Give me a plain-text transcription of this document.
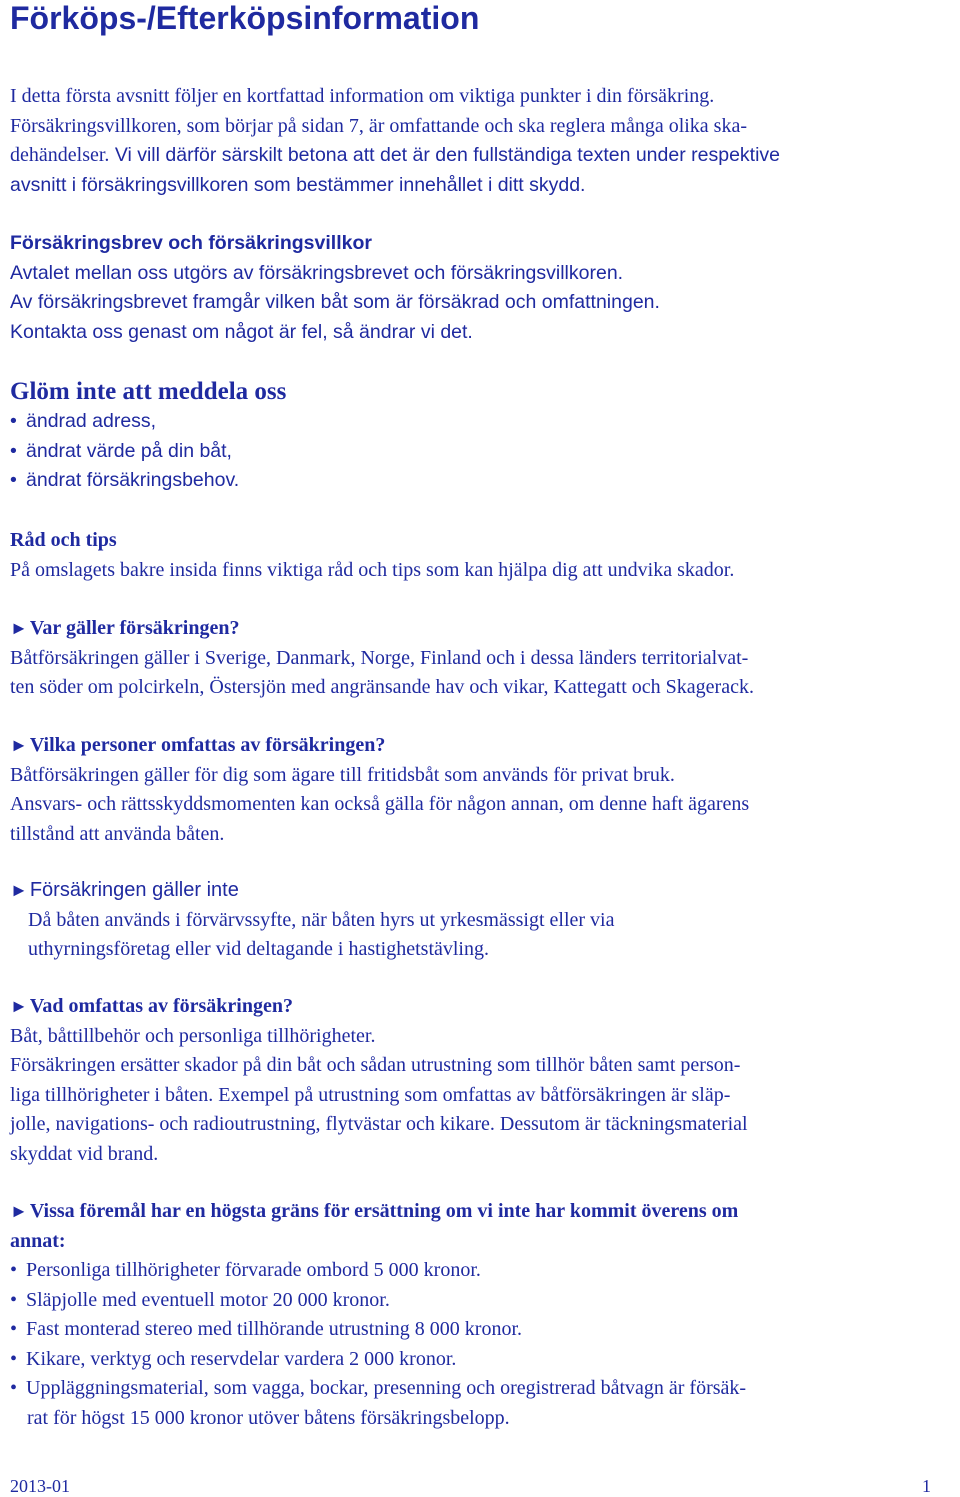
Förköps-/Efterköpsinformation
I detta första avsnitt följer en kortfattad information om viktiga punkter i din försäkring.
Försäkringsvillkoren, som börjar på sidan 7, är omfattande och ska reglera många olika ska-
dehändelser. Vi vill därför särskilt betona att det är den fullständiga texten under respektive
avsnitt i försäkringsvillkoren som bestämmer innehållet i ditt skydd.
Försäkringsbrev och försäkringsvillkor
Avtalet mellan oss utgörs av försäkringsbrevet och försäkringsvillkoren.
Av försäkringsbrevet framgår vilken båt som är försäkrad och omfattningen.
Kontakta oss genast om något är fel, så ändrar vi det.
Glöm inte att meddela oss
• ändrad adress,
• ändrat värde på din båt,
• ändrat försäkringsbehov.
Råd och tips
På omslagets bakre insida finns viktiga råd och tips som kan hjälpa dig att undvika skador.
► Var gäller försäkringen?
Båtförsäkringen gäller i Sverige, Danmark, Norge, Finland och i dessa länders territorialvat-
ten söder om polcirkeln, Östersjön med angränsande hav och vikar, Kattegatt och Skagerack.
► Vilka personer omfattas av försäkringen?
Båtförsäkringen gäller för dig som ägare till fritidsbåt som används för privat bruk.
Ansvars- och rättsskyddsmomenten kan också gälla för någon annan, om denne haft ägarens
tillstånd att använda båten.
► Försäkringen gäller inte
Då båten används i förvärvssyfte, när båten hyrs ut yrkesmässigt eller via
uthyrningsföretag eller vid deltagande i hastighetstävling.
► Vad omfattas av försäkringen?
Båt, båttillbehör och personliga tillhörigheter.
Försäkringen ersätter skador på din båt och sådan utrustning som tillhör båten samt person-
liga tillhörigheter i båten. Exempel på utrustning som omfattas av båtförsäkringen är släp-
jolle, navigations- och radioutrustning, flytvästar och kikare. Dessutom är täckningsmaterial
skyddat vid brand.
► Vissa föremål har en högsta gräns för ersättning om vi inte har kommit överens om
annat:
• Personliga tillhörigheter förvarade ombord 5 000 kronor.
• Släpjolle med eventuell motor 20 000 kronor.
• Fast monterad stereo med tillhörande utrustning 8 000 kronor.
• Kikare, verktyg och reservdelar vardera 2 000 kronor.
• Uppläggningsmaterial, som vagga, bockar, presenning och oregistrerad båtvagn är försäk-
rat för högst 15 000 kronor utöver båtens försäkringsbelopp.
2013-01	1
